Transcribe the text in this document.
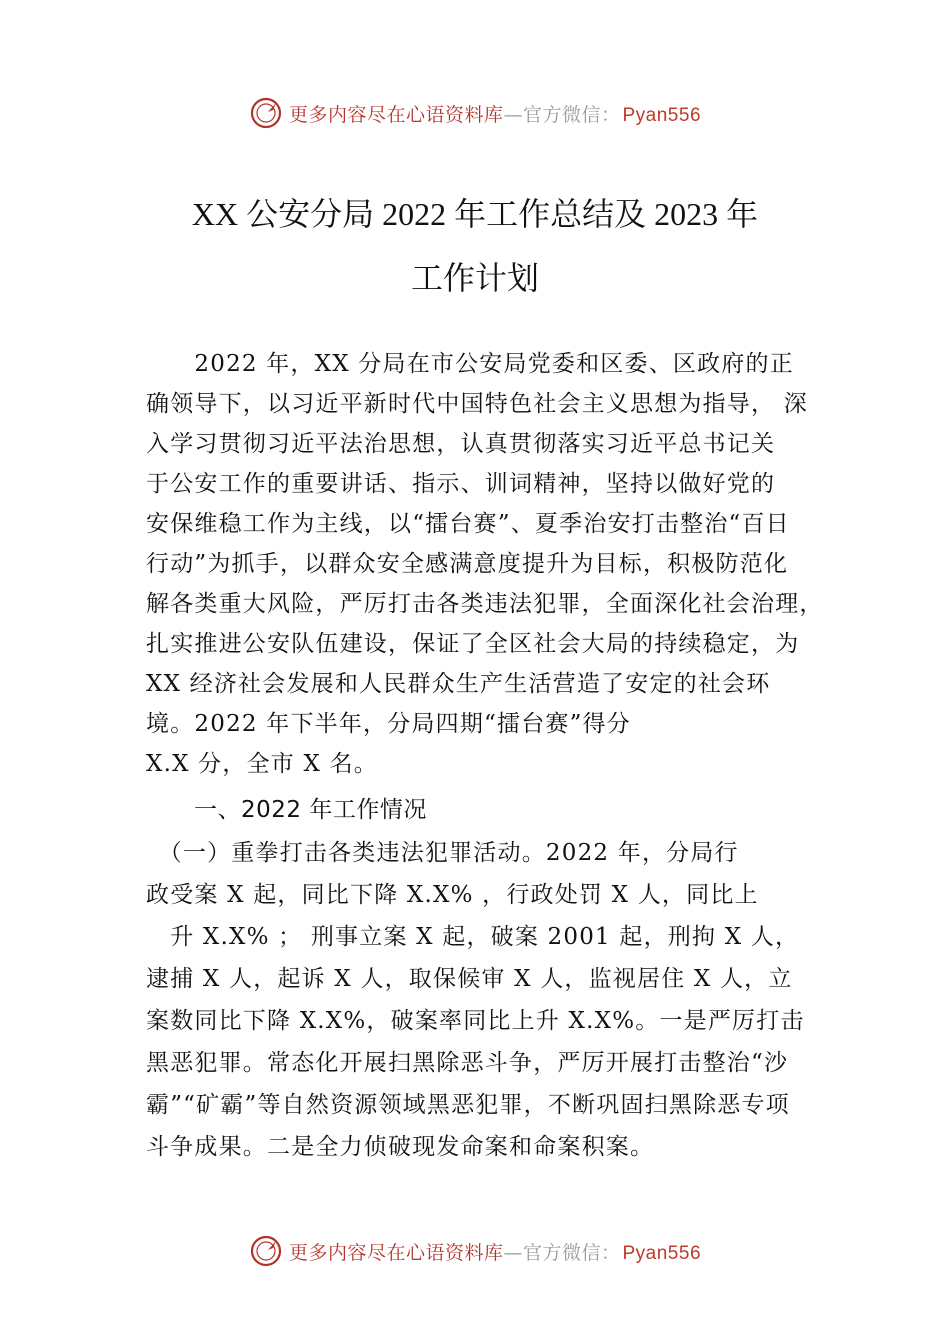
更多内容尽在心语资料库—官方微信： Pyan556
XX 公安分局 2022 年工作总结及 2023 年
工作计划
　　2022 年，XX 分局在市公安局党委和区委、区政府的正
确领导下，以习近平新时代中国特色社会主义思想为指导， 深
入学习贯彻习近平法治思想，认真贯彻落实习近平总书记关
于公安工作的重要讲话、指示、训词精神，坚持以做好党的
安保维稳工作为主线，以“擂台赛”、夏季治安打击整治“百日
行动”为抓手，以群众安全感满意度提升为目标，积极防范化
解各类重大风险，严厉打击各类违法犯罪，全面深化社会治理，
扎实推进公安队伍建设，保证了全区社会大局的持续稳定，为
XX 经济社会发展和人民群众生产生活营造了安定的社会环
境。2022 年下半年，分局四期“擂台赛”得分
X.X 分，全市 X 名。
一、2022 年工作情况
　（一）重拳打击各类违法犯罪活动。2022 年，分局行
政受案 X 起，同比下降 X.X% ，行政处罚 X 人，同比上
　升 X.X% ； 刑事立案 X 起，破案 2001 起，刑拘 X 人，
逮捕 X 人，起诉 X 人，取保候审 X 人，监视居住 X 人，立
案数同比下降 X.X%，破案率同比上升 X.X%。一是严厉打击
黑恶犯罪。常态化开展扫黑除恶斗争，严厉开展打击整治“沙
霸”“矿霸”等自然资源领域黑恶犯罪，不断巩固扫黑除恶专项
斗争成果。二是全力侦破现发命案和命案积案。
更多内容尽在心语资料库—官方微信： Pyan556
